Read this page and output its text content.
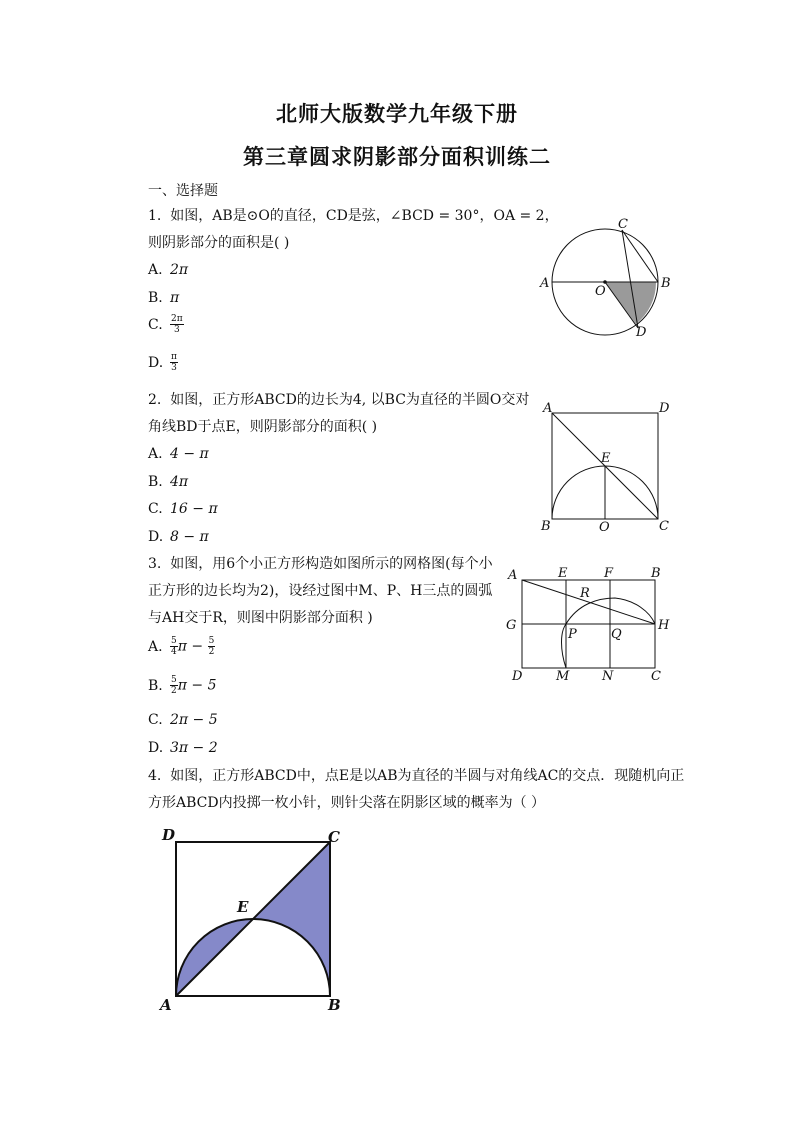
北师大版数学九年级下册
第三章圆求阴影部分面积训练二
一、选择题
1. 如图，AB是⊙O的直径，CD是弦，∠BCD = 30°，OA = 2，
则阴影部分的面积是( )
A. 2π
B. π
C. $\frac{2\pi}{3}$
D. $\frac{\pi}{3}$
A	B
C
D
O
2. 如图，正方形ABCD的边长为4, 以BC为直径的半圆O交对
角线BD于点E，则阴影部分的面积( )
A. 4 − π
B. 4π
C. 16 − π
D. 8 − π
A	D
B	C
E
O
3. 如图，用6个小正方形构造如图所示的网格图(每个小
正方形的边长均为2)，设经过图中M、P、H三点的圆弧
与AH交于R，则图中阴影部分面积 )
A. $\frac{5}{4}$ $\pi - \frac{5}{2}$
B. $\frac{5}{2}$ π − 5
C. 2π − 5
D. 3π − 2
A	E	F	B
R
G
P	Q
H
D	M	N	C
4. 如图，正方形ABCD中，点E是以AB为直径的半圆与对角线AC的交点．现随机向正
方形ABCD内投掷一枚小针，则针尖落在阴影区域的概率为（ ）
D	C
A	B
E
